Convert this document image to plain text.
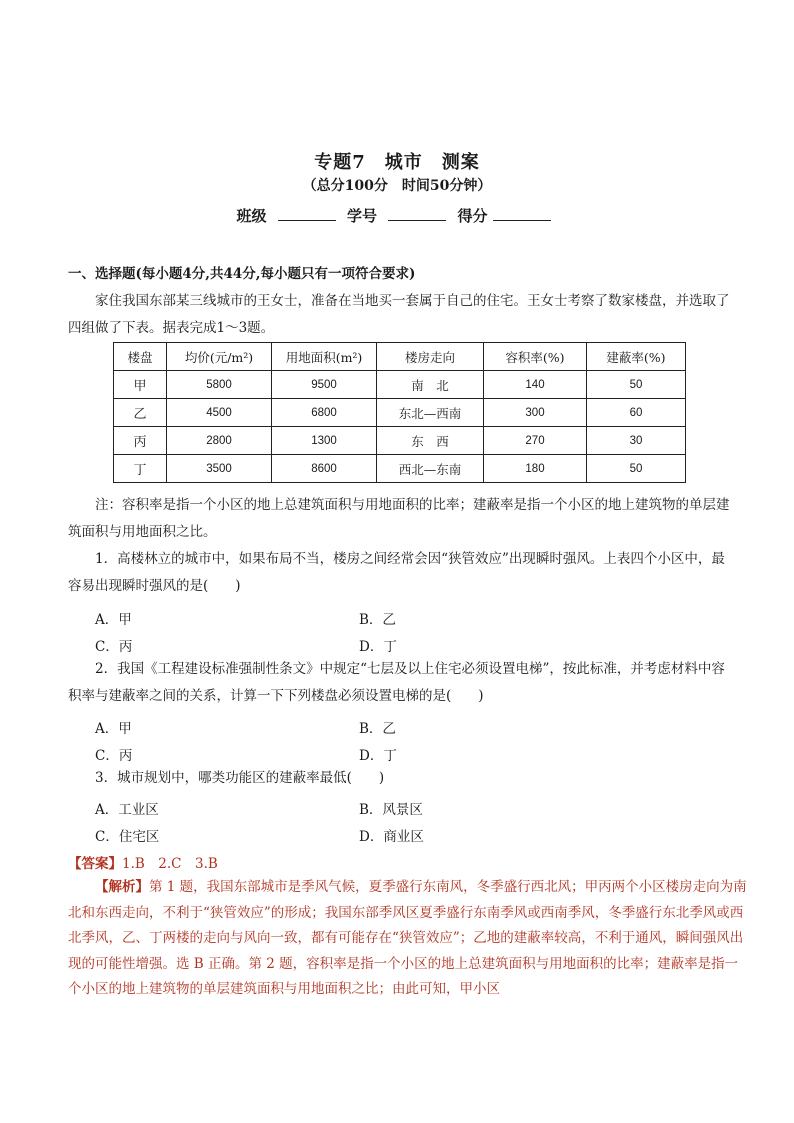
专题7　城市　测案
（总分100分　时间50分钟）
班级	学号	得分
一、选择题(每小题4分,共44分,每小题只有一项符合要求)
家住我国东部某三线城市的王女士，准备在当地买一套属于自己的住宅。王女士考察了数家楼盘，并选取了四组做了下表。据表完成1～3题。
楼盘	均价(元/m²)	用地面积(m²)	楼房走向	容积率(%)	建蔽率(%)
甲	5800	9500	南　北	140	50
乙	4500	6800	东北—西南	300	60
丙	2800	1300	东　西	270	30
丁	3500	8600	西北—东南	180	50
注：容积率是指一个小区的地上总建筑面积与用地面积的比率；建蔽率是指一个小区的地上建筑物的单层建筑面积与用地面积之比。
1．高楼林立的城市中，如果布局不当，楼房之间经常会因“狭管效应”出现瞬时强风。上表四个小区中，最容易出现瞬时强风的是(　　)
A．甲	B．乙
C．丙	D．丁
2．我国《工程建设标准强制性条文》中规定“七层及以上住宅必须设置电梯”，按此标准，并考虑材料中容积率与建蔽率之间的关系，计算一下下列楼盘必须设置电梯的是(　　)
A．甲	B．乙
C．丙	D．丁
3．城市规划中，哪类功能区的建蔽率最低(　　)
A．工业区	B．风景区
C．住宅区	D．商业区
【答案】1.B　2.C　3.B
【解析】第 1 题，我国东部城市是季风气候，夏季盛行东南风，冬季盛行西北风；甲丙两个小区楼房走向为南北和东西走向，不利于“狭管效应”的形成；我国东部季风区夏季盛行东南季风或西南季风，冬季盛行东北季风或西北季风，乙、丁两楼的走向与风向一致，都有可能存在“狭管效应”；乙地的建蔽率较高，不利于通风，瞬间强风出现的可能性增强。选 B 正确。第 2 题，容积率是指一个小区的地上总建筑面积与用地面积的比率；建蔽率是指一个小区的地上建筑物的单层建筑面积与用地面积之比；由此可知，甲小区
